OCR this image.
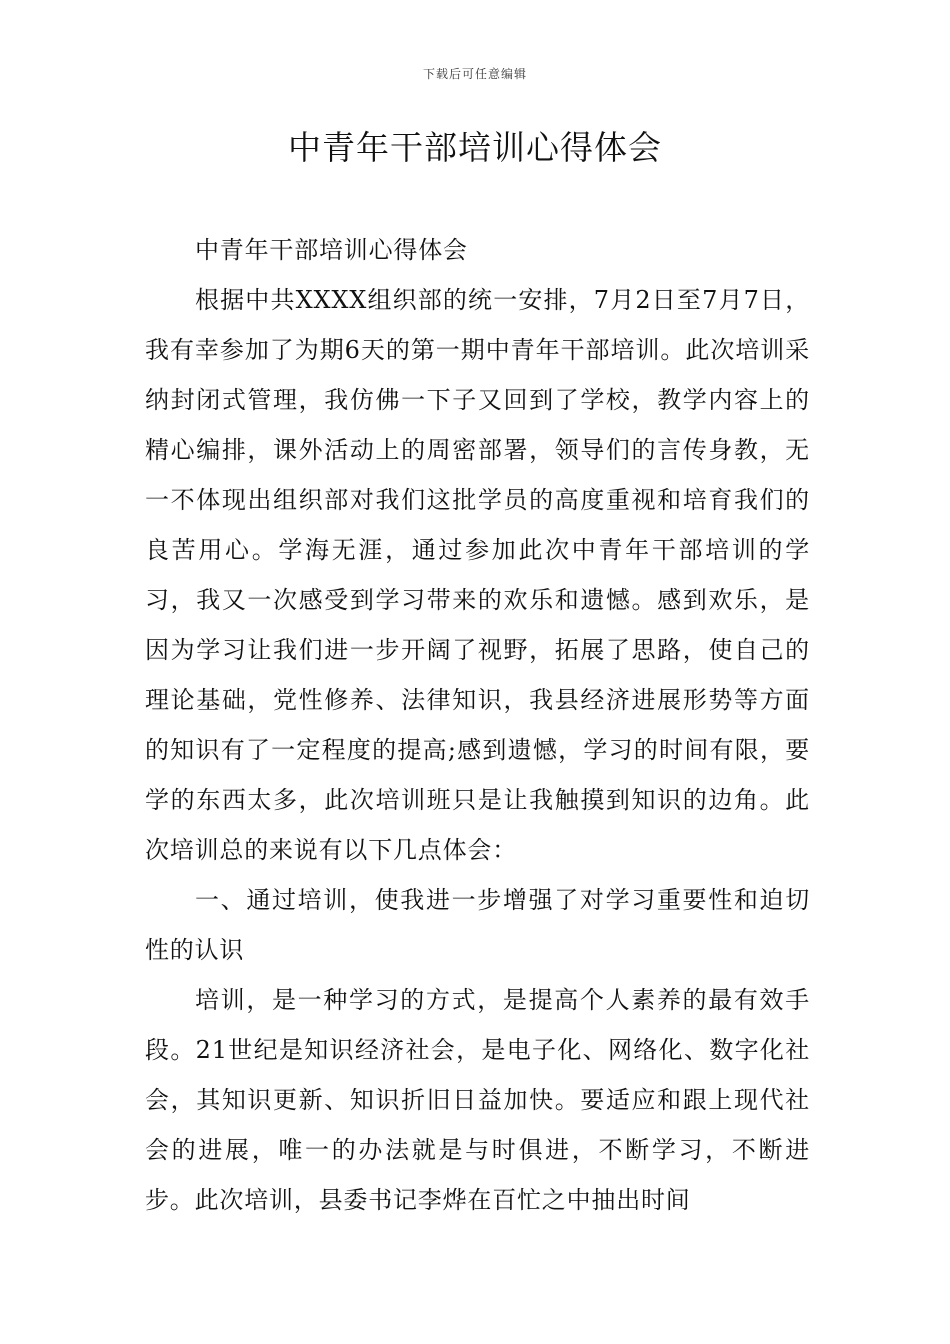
下载后可任意编辑
中青年干部培训心得体会

中青年干部培训心得体会

根据中共XXXX组织部的统一安排，7月2日至7月7日，我有幸参加了为期6天的第一期中青年干部培训。此次培训采纳封闭式管理，我仿佛一下子又回到了学校，教学内容上的精心编排，课外活动上的周密部署，领导们的言传身教，无一不体现出组织部对我们这批学员的高度重视和培育我们的良苦用心。学海无涯，通过参加此次中青年干部培训的学习，我又一次感受到学习带来的欢乐和遗憾。感到欢乐，是因为学习让我们进一步开阔了视野，拓展了思路，使自己的理论基础，党性修养、法律知识，我县经济进展形势等方面的知识有了一定程度的提高;感到遗憾，学习的时间有限，要学的东西太多，此次培训班只是让我触摸到知识的边角。此次培训总的来说有以下几点体会：

一、通过培训，使我进一步增强了对学习重要性和迫切性的认识

培训，是一种学习的方式，是提高个人素养的最有效手段。21世纪是知识经济社会，是电子化、网络化、数字化社会，其知识更新、知识折旧日益加快。要适应和跟上现代社会的进展，唯一的办法就是与时俱进，不断学习，不断进步。此次培训，县委书记李烨在百忙之中抽出时间
